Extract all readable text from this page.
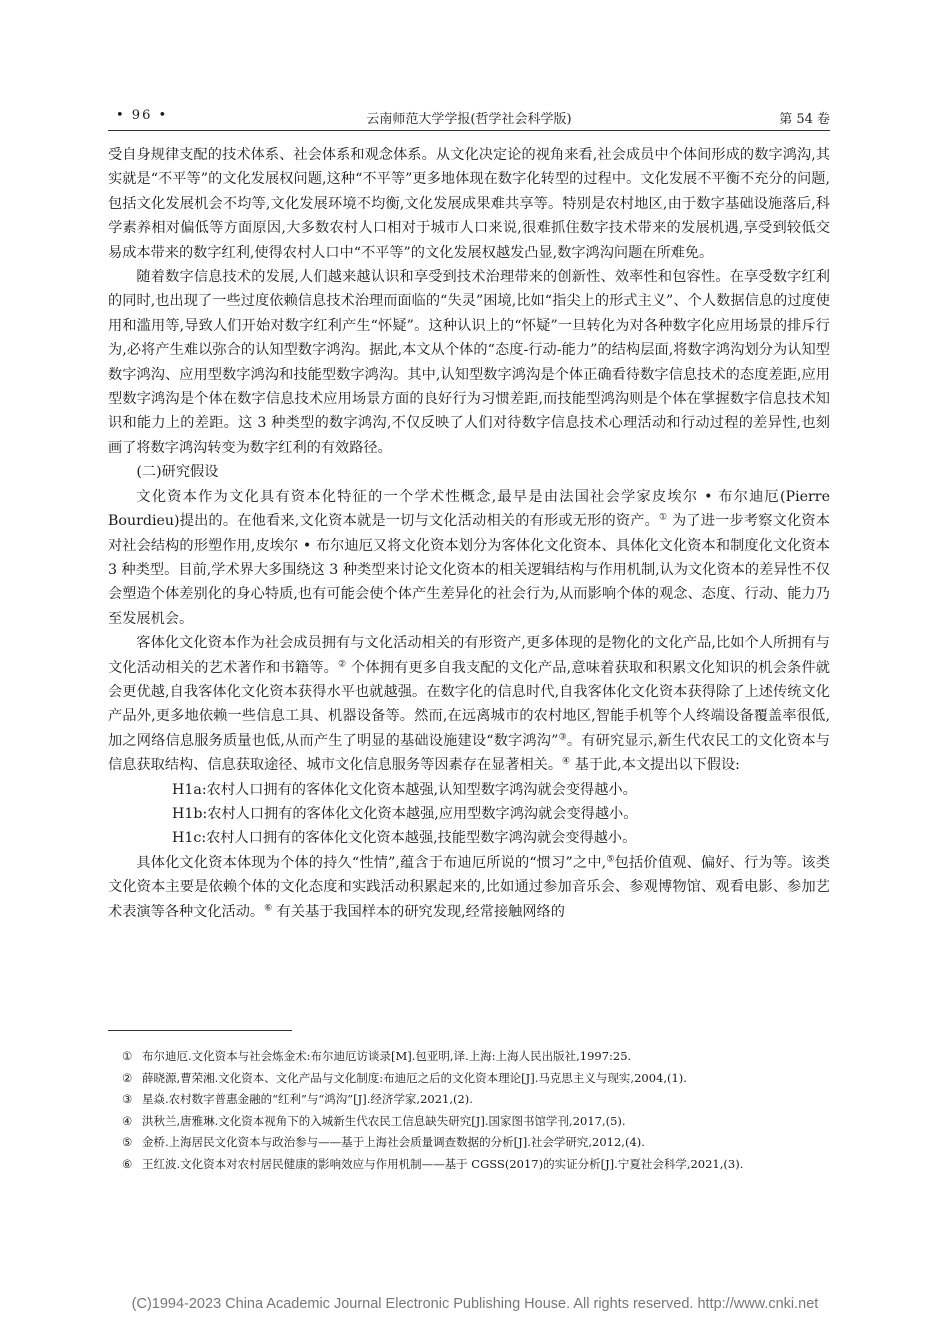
• 96 •	云南师范大学学报(哲学社会科学版)	第 54 卷

受自身规律支配的技术体系、社会体系和观念体系。从文化决定论的视角来看,社会成员中个体间形成的数字鸿沟,其实就是“不平等”的文化发展权问题,这种“不平等”更多地体现在数字化转型的过程中。文化发展不平衡不充分的问题,包括文化发展机会不均等,文化发展环境不均衡,文化发展成果难共享等。特别是农村地区,由于数字基础设施落后,科学素养相对偏低等方面原因,大多数农村人口相对于城市人口来说,很难抓住数字技术带来的发展机遇,享受到较低交易成本带来的数字红利,使得农村人口中“不平等”的文化发展权越发凸显,数字鸿沟问题在所难免。

随着数字信息技术的发展,人们越来越认识和享受到技术治理带来的创新性、效率性和包容性。在享受数字红利的同时,也出现了一些过度依赖信息技术治理而面临的“失灵”困境,比如“指尖上的形式主义”、个人数据信息的过度使用和滥用等,导致人们开始对数字红利产生“怀疑”。这种认识上的“怀疑”一旦转化为对各种数字化应用场景的排斥行为,必将产生难以弥合的认知型数字鸿沟。据此,本文从个体的“态度-行动-能力”的结构层面,将数字鸿沟划分为认知型数字鸿沟、应用型数字鸿沟和技能型数字鸿沟。其中,认知型数字鸿沟是个体正确看待数字信息技术的态度差距,应用型数字鸿沟是个体在数字信息技术应用场景方面的良好行为习惯差距,而技能型鸿沟则是个体在掌握数字信息技术知识和能力上的差距。这 3 种类型的数字鸿沟,不仅反映了人们对待数字信息技术心理活动和行动过程的差异性,也刻画了将数字鸿沟转变为数字红利的有效路径。

(二)研究假设

文化资本作为文化具有资本化特征的一个学术性概念,最早是由法国社会学家皮埃尔 • 布尔迪厄(Pierre Bourdieu)提出的。在他看来,文化资本就是一切与文化活动相关的有形或无形的资产。① 为了进一步考察文化资本对社会结构的形塑作用,皮埃尔 • 布尔迪厄又将文化资本划分为客体化文化资本、具体化文化资本和制度化文化资本 3 种类型。目前,学术界大多围绕这 3 种类型来讨论文化资本的相关逻辑结构与作用机制,认为文化资本的差异性不仅会塑造个体差别化的身心特质,也有可能会使个体产生差异化的社会行为,从而影响个体的观念、态度、行动、能力乃至发展机会。

客体化文化资本作为社会成员拥有与文化活动相关的有形资产,更多体现的是物化的文化产品,比如个人所拥有与文化活动相关的艺术著作和书籍等。② 个体拥有更多自我支配的文化产品,意味着获取和积累文化知识的机会条件就会更优越,自我客体化文化资本获得水平也就越强。在数字化的信息时代,自我客体化文化资本获得除了上述传统文化产品外,更多地依赖一些信息工具、机器设备等。然而,在远离城市的农村地区,智能手机等个人终端设备覆盖率很低,加之网络信息服务质量也低,从而产生了明显的基础设施建设“数字鸿沟”③。有研究显示,新生代农民工的文化资本与信息获取结构、信息获取途径、城市文化信息服务等因素存在显著相关。④ 基于此,本文提出以下假设:

H1a:农村人口拥有的客体化文化资本越强,认知型数字鸿沟就会变得越小。

H1b:农村人口拥有的客体化文化资本越强,应用型数字鸿沟就会变得越小。

H1c:农村人口拥有的客体化文化资本越强,技能型数字鸿沟就会变得越小。

具体化文化资本体现为个体的持久“性情”,蕴含于布迪厄所说的“惯习”之中,⑤包括价值观、偏好、行为等。该类文化资本主要是依赖个体的文化态度和实践活动积累起来的,比如通过参加音乐会、参观博物馆、观看电影、参加艺术表演等各种文化活动。⑥ 有关基于我国样本的研究发现,经常接触网络的

① 布尔迪厄.文化资本与社会炼金术:布尔迪厄访谈录[M].包亚明,译.上海:上海人民出版社,1997:25.
② 薛晓源,曹荣湘.文化资本、文化产品与文化制度:布迪厄之后的文化资本理论[J].马克思主义与现实,2004,(1).
③ 星焱.农村数字普惠金融的“红利”与“鸿沟”[J].经济学家,2021,(2).
④ 洪秋兰,唐雅琳.文化资本视角下的入城新生代农民工信息缺失研究[J].国家图书馆学刊,2017,(5).
⑤ 金桥.上海居民文化资本与政治参与——基于上海社会质量调查数据的分析[J].社会学研究,2012,(4).
⑥ 王红波.文化资本对农村居民健康的影响效应与作用机制——基于 CGSS(2017)的实证分析[J].宁夏社会科学,2021,(3).
(C)1994-2023 China Academic Journal Electronic Publishing House. All rights reserved. http://www.cnki.net
